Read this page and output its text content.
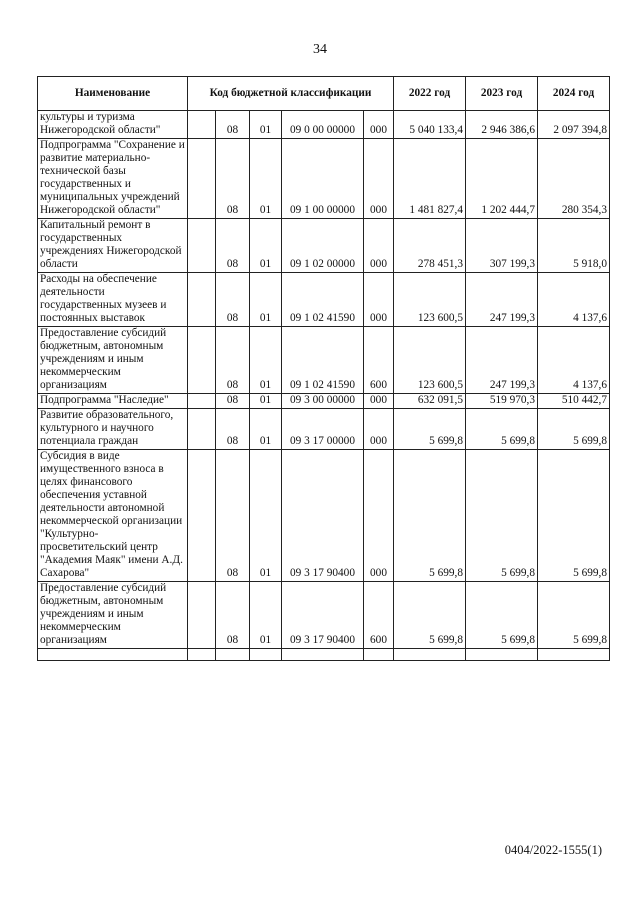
34
Наименование	Код бюджетной классификации					2022 год	2023 год	2024 год
культуры и туризма Нижегородской области"		08	01	09 0 00 00000	000	5 040 133,4	2 946 386,6	2 097 394,8
Подпрограмма "Сохранение и развитие материально-технической базы государственных и муниципальных учреждений Нижегородской области"		08	01	09 1 00 00000	000	1 481 827,4	1 202 444,7	280 354,3
Капитальный ремонт в государственных учреждениях Нижегородской области		08	01	09 1 02 00000	000	278 451,3	307 199,3	5 918,0
Расходы на обеспечение деятельности государственных музеев и постоянных выставок		08	01	09 1 02 41590	000	123 600,5	247 199,3	4 137,6
Предоставление субсидий бюджетным, автономным учреждениям и иным некоммерческим организациям		08	01	09 1 02 41590	600	123 600,5	247 199,3	4 137,6
Подпрограмма "Наследие"		08	01	09 3 00 00000	000	632 091,5	519 970,3	510 442,7
Развитие образовательного, культурного и научного потенциала граждан		08	01	09 3 17 00000	000	5 699,8	5 699,8	5 699,8
Субсидия в виде имущественного взноса в целях финансового обеспечения уставной деятельности автономной некоммерческой организации "Культурно-просветительский центр "Академия Маяк" имени А.Д. Сахарова"		08	01	09 3 17 90400	000	5 699,8	5 699,8	5 699,8
Предоставление субсидий бюджетным, автономным учреждениям и иным некоммерческим организациям		08	01	09 3 17 90400	600	5 699,8	5 699,8	5 699,8

0404/2022-1555(1)
